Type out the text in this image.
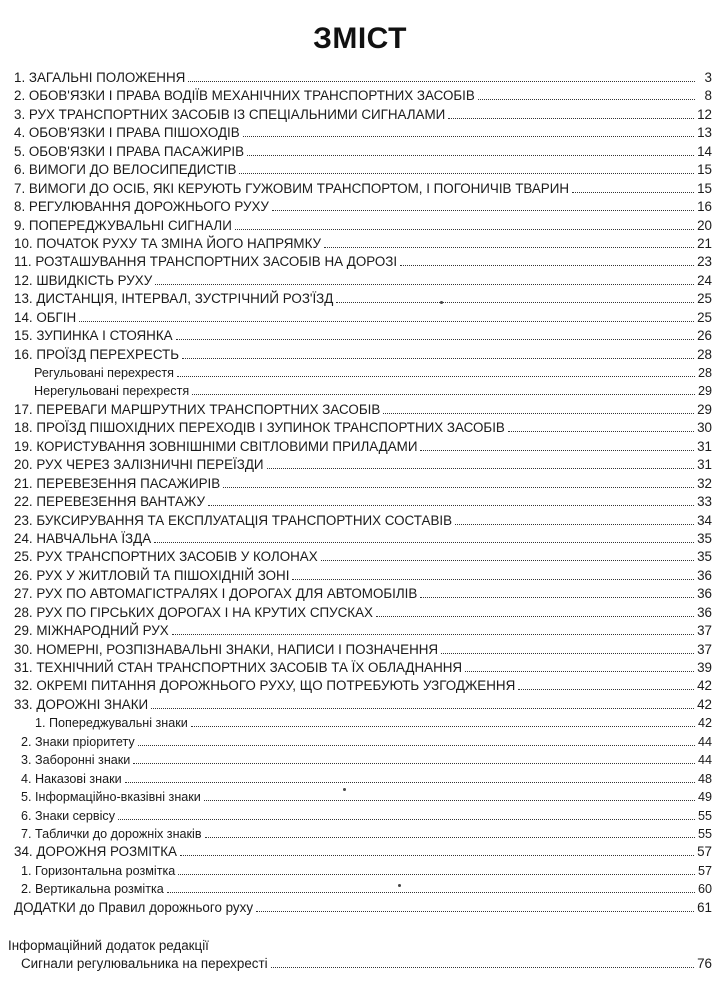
ЗМІСТ
1. ЗАГАЛЬНІ ПОЛОЖЕННЯ	3
2. ОБОВ'ЯЗКИ І ПРАВА ВОДІЇВ МЕХАНІЧНИХ ТРАНСПОРТНИХ ЗАСОБІВ	8
3. РУХ ТРАНСПОРТНИХ ЗАСОБІВ ІЗ СПЕЦІАЛЬНИМИ СИГНАЛАМИ	12
4. ОБОВ'ЯЗКИ І ПРАВА ПІШОХОДІВ	13
5. ОБОВ'ЯЗКИ І ПРАВА ПАСАЖИРІВ	14
6. ВИМОГИ ДО ВЕЛОСИПЕДИСТІВ	15
7. ВИМОГИ ДО ОСІБ, ЯКІ КЕРУЮТЬ ГУЖОВИМ ТРАНСПОРТОМ, І ПОГОНИЧІВ ТВАРИН	15
8. РЕГУЛЮВАННЯ ДОРОЖНЬОГО РУХУ	16
9. ПОПЕРЕДЖУВАЛЬНІ СИГНАЛИ	20
10. ПОЧАТОК РУХУ ТА ЗМІНА ЙОГО НАПРЯМКУ	21
11. РОЗТАШУВАННЯ ТРАНСПОРТНИХ ЗАСОБІВ НА ДОРОЗІ	23
12. ШВИДКІСТЬ РУХУ	24
13. ДИСТАНЦІЯ, ІНТЕРВАЛ, ЗУСТРІЧНИЙ РОЗ'ЇЗД	25
14. ОБГІН	25
15. ЗУПИНКА І СТОЯНКА	26
16. ПРОЇЗД ПЕРЕХРЕСТЬ	28
Регульовані перехрестя	28
Нерегульовані перехрестя	29
17. ПЕРЕВАГИ МАРШРУТНИХ ТРАНСПОРТНИХ ЗАСОБІВ	29
18. ПРОЇЗД ПІШОХІДНИХ ПЕРЕХОДІВ І ЗУПИНОК ТРАНСПОРТНИХ ЗАСОБІВ	30
19. КОРИСТУВАННЯ ЗОВНІШНІМИ СВІТЛОВИМИ ПРИЛАДАМИ	31
20. РУХ ЧЕРЕЗ ЗАЛІЗНИЧНІ ПЕРЕЇЗДИ	31
21. ПЕРЕВЕЗЕННЯ ПАСАЖИРІВ	32
22. ПЕРЕВЕЗЕННЯ ВАНТАЖУ	33
23. БУКСИРУВАННЯ ТА ЕКСПЛУАТАЦІЯ ТРАНСПОРТНИХ СОСТАВІВ	34
24. НАВЧАЛЬНА ЇЗДА	35
25. РУХ ТРАНСПОРТНИХ ЗАСОБІВ У КОЛОНАХ	35
26. РУХ У ЖИТЛОВІЙ ТА ПІШОХІДНІЙ ЗОНІ	36
27. РУХ ПО АВТОМАГІСТРАЛЯХ І ДОРОГАХ ДЛЯ АВТОМОБІЛІВ	36
28. РУХ ПО ГІРСЬКИХ ДОРОГАХ І НА КРУТИХ СПУСКАХ	36
29. МІЖНАРОДНИЙ РУХ	37
30. НОМЕРНІ, РОЗПІЗНАВАЛЬНІ ЗНАКИ, НАПИСИ І ПОЗНАЧЕННЯ	37
31. ТЕХНІЧНИЙ СТАН ТРАНСПОРТНИХ ЗАСОБІВ ТА ЇХ ОБЛАДНАННЯ	39
32. ОКРЕМІ ПИТАННЯ ДОРОЖНЬОГО РУХУ, ЩО ПОТРЕБУЮТЬ УЗГОДЖЕННЯ	42
33. ДОРОЖНІ ЗНАКИ	42
1. Попереджувальні знаки	42
2. Знаки пріоритету	44
3. Заборонні знаки	44
4. Наказові знаки	48
5. Інформаційно-вказівні знаки	49
6. Знаки сервісу	55
7. Таблички до дорожніх знаків	55
34. ДОРОЖНЯ РОЗМІТКА	57
1. Горизонтальна розмітка	57
2. Вертикальна розмітка	60
ДОДАТКИ до Правил дорожнього руху	61
Інформаційний додаток редакції
Сигнали регулювальника на перехресті	76
